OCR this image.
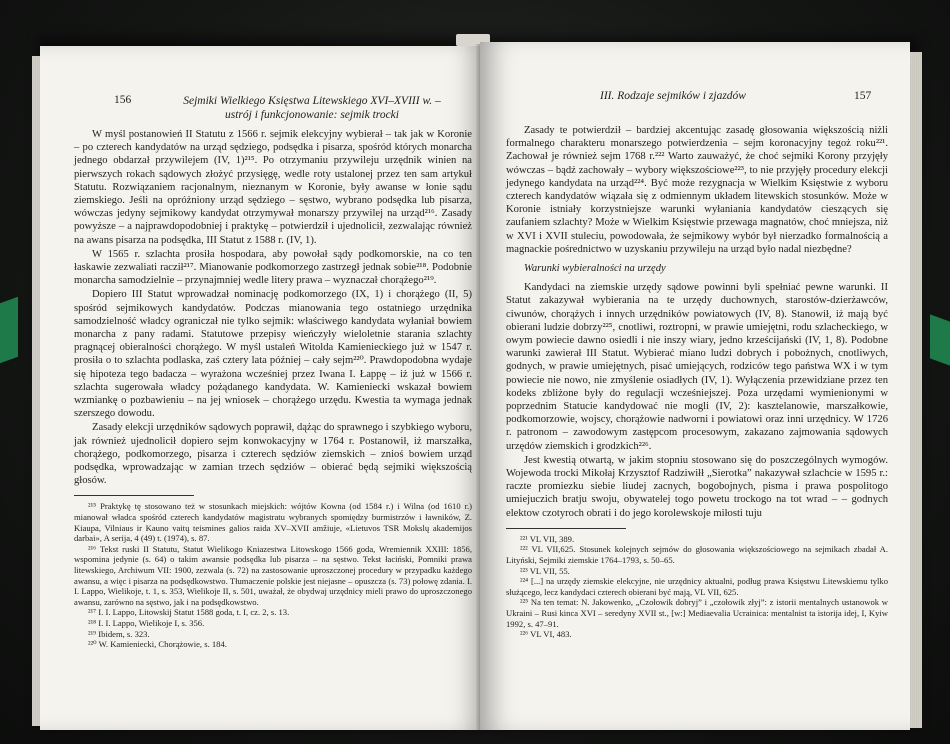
156	Sejmiki Wielkiego Księstwa Litewskiego XVI–XVIII w. – ustrój i funkcjonowanie: sejmik trocki

W myśl postanowień II Statutu z 1566 r. sejmik elekcyjny wybierał – tak jak w Koronie – po czterech kandydatów na urząd sędziego, podsędka i pisarza, spośród których monarcha jednego obdarzał przywilejem (IV, 1)²¹⁵. Po otrzymaniu przywileju urzędnik winien na pierwszych rokach sądowych złożyć przysięgę, wedle roty ustalonej przez ten sam artykuł Statutu. Rozwiązaniem racjonalnym, nieznanym w Koronie, były awanse w łonie sądu ziemskiego. Jeśli na opróżniony urząd sędziego – sęstwo, wybrano podsędka lub pisarza, wówczas jedyny sejmikowy kandydat otrzymywał monarszy przywilej na urząd²¹⁶. Zasady powyższe – a najprawdopodobniej i praktykę – potwierdził i ujednolicił, zezwalając również na awans pisarza na podsędka, III Statut z 1588 r. (IV, 1).

W 1565 r. szlachta prosiła hospodara, aby powołał sądy podkomorskie, na co ten łaskawie zezwaliati racził²¹⁷. Mianowanie podkomorzego zastrzegł jednak sobie²¹⁸. Podobnie monarcha samodzielnie – przynajmniej wedle litery prawa – wyznaczał chorążego²¹⁹.

Dopiero III Statut wprowadzał nominację podkomorzego (IX, 1) i chorążego (II, 5) spośród sejmikowych kandydatów. Podczas mianowania tego ostatniego urzędnika samodzielność władcy ograniczał nie tylko sejmik: właściwego kandydata wyłaniał bowiem monarcha z pany radami. Statutowe przepisy wieńczyły wieloletnie starania szlachty pragnącej obieralności chorążego. W myśl ustaleń Witolda Kamienieckiego już w 1547 r. prosiła o to szlachta podlaska, zaś cztery lata później – cały sejm²²⁰. Prawdopodobna wydaje się hipoteza tego badacza – wyrażona wcześniej przez Iwana I. Łappę – iż już w 1566 r. szlachta sugerowała władcy pożądanego kandydata. W. Kamieniecki wskazał bowiem wzmiankę o pozbawieniu – na jej wniosek – chorążego urzędu. Kwestia ta wymaga jednak szerszego dowodu.

Zasady elekcji urzędników sądowych poprawił, dążąc do sprawnego i szybkiego wyboru, jak również ujednolicił dopiero sejm konwokacyjny w 1764 r. Postanowił, iż marszałka, chorążego, podkomorzego, pisarza i czterech sędziów ziemskich – znioś bowiem urząd podsędka, wprowadzając w zamian trzech sędziów – obierać będą sejmiki większością głosów.

²¹⁵ Praktykę tę stosowano też w stosunkach miejskich: wójtów Kowna (od 1584 r.) i Wilna (od 1610 r.) mianował władca spośród czterech kandydatów magistratu wybranych spomiędzy burmistrzów i ławników, Z. Kiaupa, Vilniaus ir Kauno vaitų teismines galios raida XV–XVII amžiuje, «Lietuvos TSR Mokslų akademijos darbai», A serija, 4 (49) t. (1974), s. 87.

²¹⁶ Tekst ruski II Statutu, Statut Wielikogo Kniazestwa Litowskogo 1566 goda, Wremiennik XXIII: 1856, wspomina jedynie (s. 64) o takim awansie podsędka lub pisarza – na sęstwo. Tekst łaciński, Pomniki prawa litewskiego, Archiwum VII: 1900, zezwala (s. 72) na zastosowanie uproszczonej procedury w przypadku każdego awansu, a więc i pisarza na podsędkowstwo. Tłumaczenie polskie jest niejasne – opuszcza (s. 73) połowę zdania. I. I. Lappo, Wielikoje, t. 1, s. 353, Wielikoje II, s. 501, uważał, że obydwaj urzędnicy mieli prawo do uproszczonego awansu, zarówno na sęstwo, jak i na podsędkowstwo.

²¹⁷ I. I. Lappo, Litowskij Statut 1588 goda, t. I, cz. 2, s. 13.

²¹⁸ I. I. Lappo, Wielikoje I, s. 356.

²¹⁹ Ibidem, s. 323.

²²⁰ W. Kamieniecki, Chorążowie, s. 184.

III. Rodzaje sejmików i zjazdów	157

Zasady te potwierdził – bardziej akcentując zasadę głosowania większością niżli formalnego charakteru monarszego potwierdzenia – sejm koronacyjny tegoż roku²²¹. Zachował je również sejm 1768 r.²²² Warto zauważyć, że choć sejmiki Korony przyjęły wówczas – bądź zachowały – wybory większościowe²²³, to nie przyjęły procedury elekcji jedynego kandydata na urząd²²⁴. Być może rezygnacja w Wielkim Księstwie z wyboru czterech kandydatów wiązała się z odmiennym układem litewskich stosunków. Może w Koronie istniały korzystniejsze warunki wyłaniania kandydatów cieszących się zaufaniem szlachty? Może w Wielkim Księstwie przewaga magnatów, choć mniejsza, niż w XVI i XVII stuleciu, powodowała, że sejmikowy wybór był nierzadko formalnością a magnackie pośrednictwo w uzyskaniu przywileju na urząd było nadal niezbędne?

Warunki wybieralności na urzędy

Kandydaci na ziemskie urzędy sądowe powinni byli spełniać pewne warunki. II Statut zakazywał wybierania na te urzędy duchownych, starostów-dzierżawców, ciwunów, chorążych i innych urzędników powiatowych (IV, 8). Stanowił, iż mają być obierani ludzie dobrzy²²⁵, cnotliwi, roztropni, w prawie umiejętni, rodu szlacheckiego, w owym powiecie dawno osiedli i nie inszy wiary, jedno krześcijański (IV, 1, 8). Podobne warunki zawierał III Statut. Wybierać miano ludzi dobrych i pobożnych, cnotliwych, godnych, w prawie umiejętnych, pisać umiejących, rodziców tego państwa WX i w tym powiecie nie nowo, nie zmyślenie osiadłych (IV, 1). Wyłączenia przewidziane przez ten kodeks zbliżone były do regulacji wcześniejszej. Poza urzędami wymienionymi w poprzednim Statucie kandydować nie mogli (IV, 2): kasztelanowie, marszałkowie, podkomorzowie, wojscy, chorążowie nadworni i powiatowi oraz inni urzędnicy. W 1726 r. patronom – zawodowym zastępcom procesowym, zakazano zajmowania sądowych urzędów ziemskich i grodzkich²²⁶.

Jest kwestią otwartą, w jakim stopniu stosowano się do poszczególnych wymogów. Wojewoda trocki Mikołaj Krzysztof Radziwiłł „Sierotka” nakazywał szlachcie w 1595 r.: raczte promiezku siebie liudej zacnych, bogobojnych, pisma i prawa pospolitogo umiejuczich bratju swoju, obywatelej togo powetu trockogo na tot wrad – – godnych elektow czotyroch obrati i do jego korolewskoje miłosti tuju

²²¹ VL VII, 389.

²²² VL VII,625. Stosunek kolejnych sejmów do głosowania większościowego na sejmikach zbadał A. Lityński, Sejmiki ziemskie 1764–1793, s. 50–65.

²²³ VL VII, 55.

²²⁴ [...] na urzędy ziemskie elekcyjne, nie urzędnicy aktualni, podług prawa Księstwu Litewskiemu tylko służącego, lecz kandydaci czterech obierani być mają, VL VII, 625.

²²⁵ Na ten temat: N. Jakowenko, „Czołowik dobryj” i „czołowik złyj”: z istorii mentalnych ustanowok w Ukraini – Rusi kinca XVI – seredyny XVII st., [w:] Mediaevalia Ucrainica: mentalnist ta istorija idej, I, Kyiw 1992, s. 47–91.

²²⁶ VL VI, 483.
